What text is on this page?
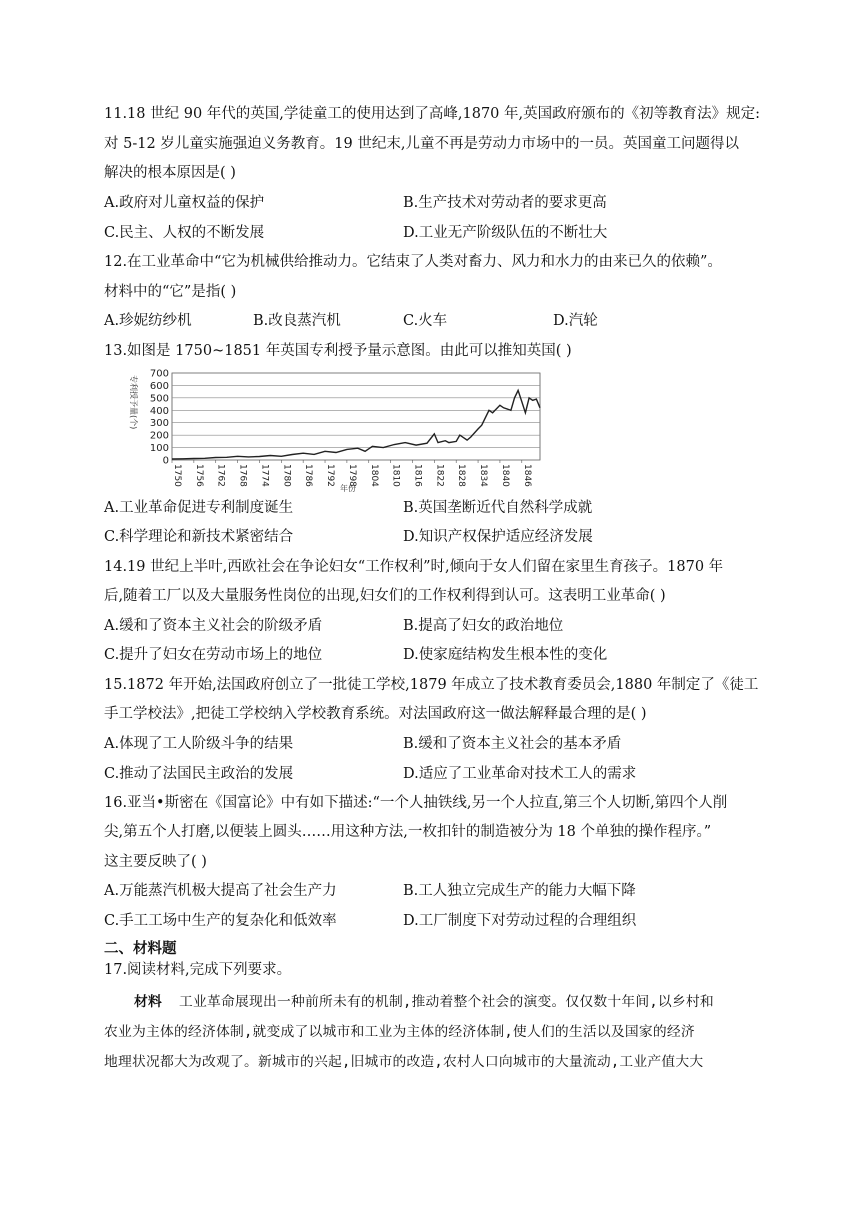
11.18 世纪 90 年代的英国,学徒童工的使用达到了高峰,1870 年,英国政府颁布的《初等教育法》规定:
对 5-12 岁儿童实施强迫义务教育。19 世纪末,儿童不再是劳动力市场中的一员。英国童工问题得以
解决的根本原因是( )
A.政府对儿童权益的保护	B.生产技术对劳动者的要求更高
C.民主、人权的不断发展	D.工业无产阶级队伍的不断壮大
12.在工业革命中“它为机械供给推动力。它结束了人类对畜力、风力和水力的由来已久的依赖”。
材料中的“它”是指( )
A.珍妮纺纱机	B.改良蒸汽机	C.火车	D.汽轮
13.如图是 1750~1851 年英国专利授予量示意图。由此可以推知英国( )
700
600
500
400
300
200
100
0
1750 1756 1762 1768 1774 1780 1786 1792 1798 1804 1810 1816 1822 1828 1834 1840 1846
专利授予量(个)
年份
A.工业革命促进专利制度诞生	B.英国垄断近代自然科学成就
C.科学理论和新技术紧密结合	D.知识产权保护适应经济发展
14.19 世纪上半叶,西欧社会在争论妇女“工作权利”时,倾向于女人们留在家里生育孩子。1870 年
后,随着工厂以及大量服务性岗位的出现,妇女们的工作权利得到认可。这表明工业革命( )
A.缓和了资本主义社会的阶级矛盾	B.提高了妇女的政治地位
C.提升了妇女在劳动市场上的地位	D.使家庭结构发生根本性的变化
15.1872 年开始,法国政府创立了一批徒工学校,1879 年成立了技术教育委员会,1880 年制定了《徒工
手工学校法》,把徒工学校纳入学校教育系统。对法国政府这一做法解释最合理的是( )
A.体现了工人阶级斗争的结果	B.缓和了资本主义社会的基本矛盾
C.推动了法国民主政治的发展	D.适应了工业革命对技术工人的需求
16.亚当•斯密在《国富论》中有如下描述:“一个人抽铁线,另一个人拉直,第三个人切断,第四个人削
尖,第五个人打磨,以便装上圆头……用这种方法,一枚扣针的制造被分为 18 个单独的操作程序。”
这主要反映了( )
A.万能蒸汽机极大提高了社会生产力	B.工人独立完成生产的能力大幅下降
C.手工工场中生产的复杂化和低效率	D.工厂制度下对劳动过程的合理组织
二、材料题
17.阅读材料,完成下列要求。
材料 工业革命展现出一种前所未有的机制,推动着整个社会的演变。仅仅数十年间,以乡村和
农业为主体的经济体制,就变成了以城市和工业为主体的经济体制,使人们的生活以及国家的经济
地理状况都大为改观了。新城市的兴起,旧城市的改造,农村人口向城市的大量流动,工业产值大大
